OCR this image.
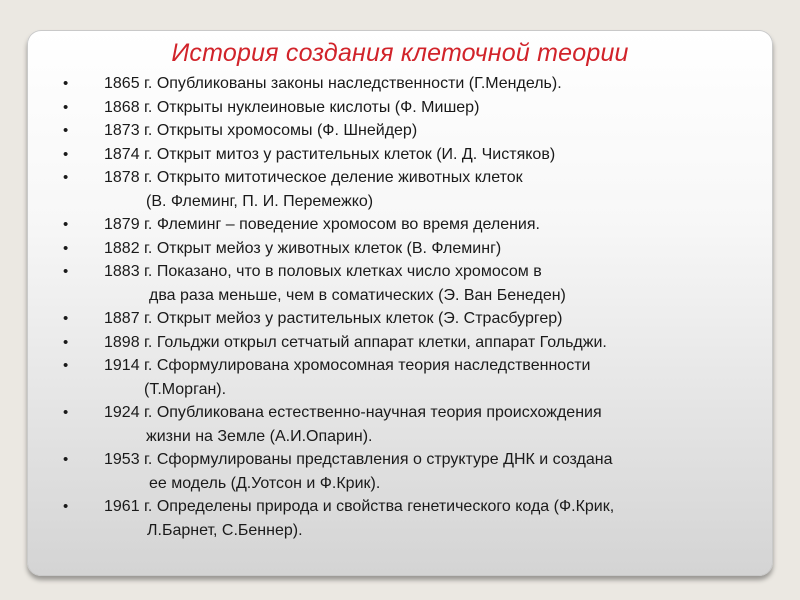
История создания клеточной теории
• 1865 г. Опубликованы законы наследственности (Г.Мендель).
• 1868 г. Открыты нуклеиновые кислоты (Ф. Мишер)
• 1873 г. Открыты хромосомы (Ф. Шнейдер)
• 1874 г. Открыт митоз у растительных клеток (И. Д. Чистяков)
• 1878 г. Открыто митотическое деление животных клеток
(В. Флеминг, П. И. Перемежко)
• 1879 г. Флеминг – поведение хромосом во время деления.
• 1882 г. Открыт мейоз у животных клеток (В. Флеминг)
• 1883 г. Показано, что в половых клетках число хромосом в
два раза меньше, чем в соматических (Э. Ван Бенеден)
• 1887 г. Открыт мейоз у растительных клеток (Э. Страсбургер)
• 1898 г. Гольджи открыл сетчатый аппарат клетки, аппарат Гольджи.
• 1914 г. Сформулирована хромосомная теория наследственности
(Т.Морган).
• 1924 г. Опубликована естественно-научная теория происхождения
жизни на Земле (А.И.Опарин).
• 1953 г. Сформулированы представления о структуре ДНК и создана
ее модель (Д.Уотсон и Ф.Крик).
• 1961 г. Определены природа и свойства генетического кода (Ф.Крик,
Л.Барнет, С.Беннер).
